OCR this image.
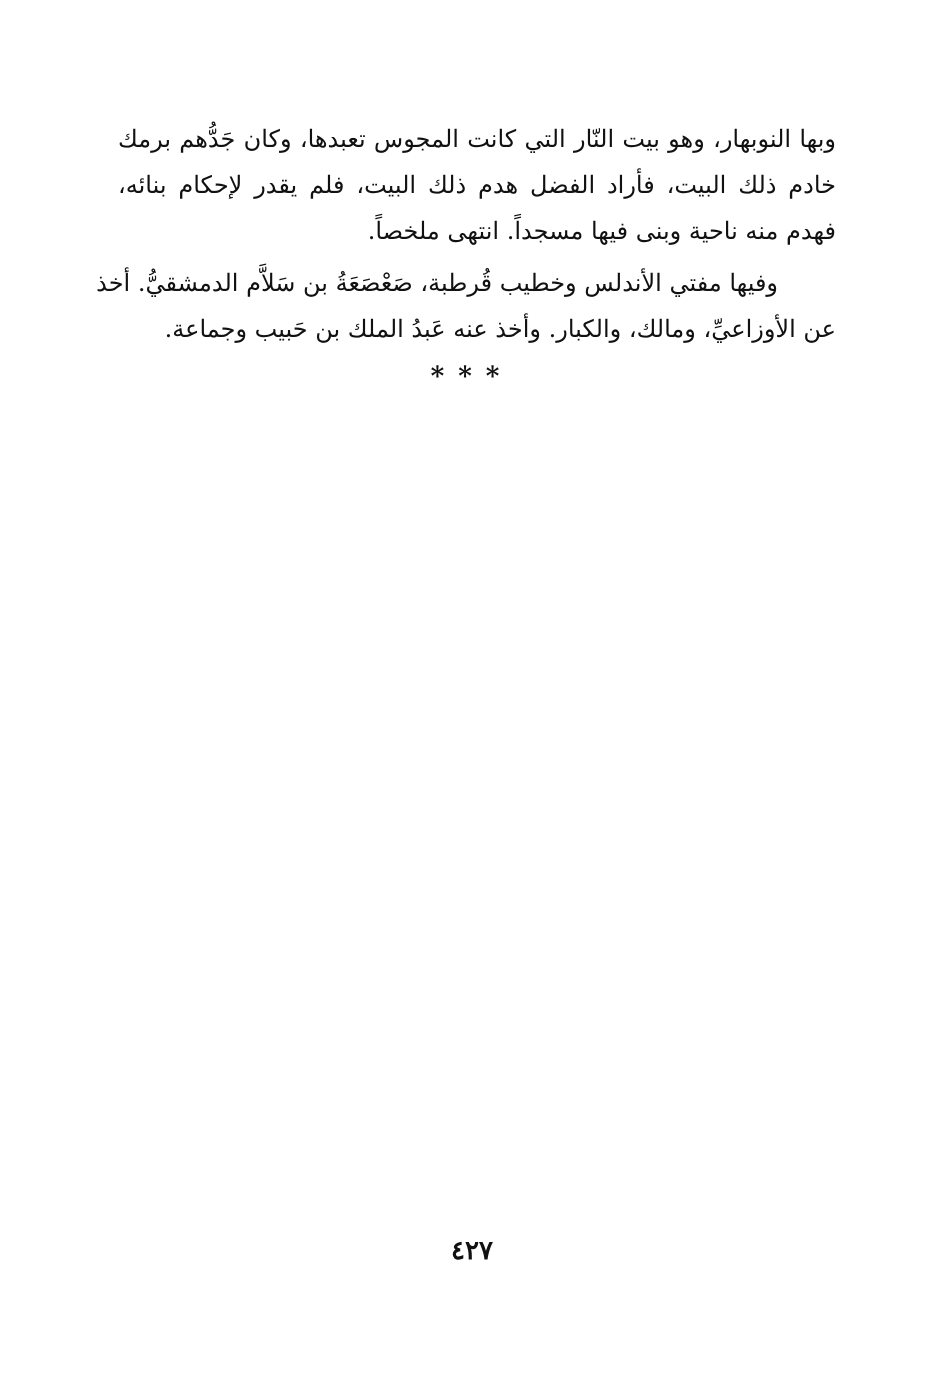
وبها النوبهار، وهو بيت النّار التي كانت المجوس تعبدها، وكان جَدُّهم برمك
خادم ذلك البيت، فأراد الفضل هدم ذلك البيت، فلم يقدر لإحكام بنائه،
فهدم منه ناحية وبنى فيها مسجداً. انتهى ملخصاً.
وفيها مفتي الأندلس وخطيب قُرطبة، صَعْصَعَةُ بن سَلاَّم الدمشقيُّ. أخذ
عن الأوزاعيِّ، ومالك، والكبار. وأخذ عنه عَبدُ الملك بن حَبيب وجماعة.
***
٤٢٧
